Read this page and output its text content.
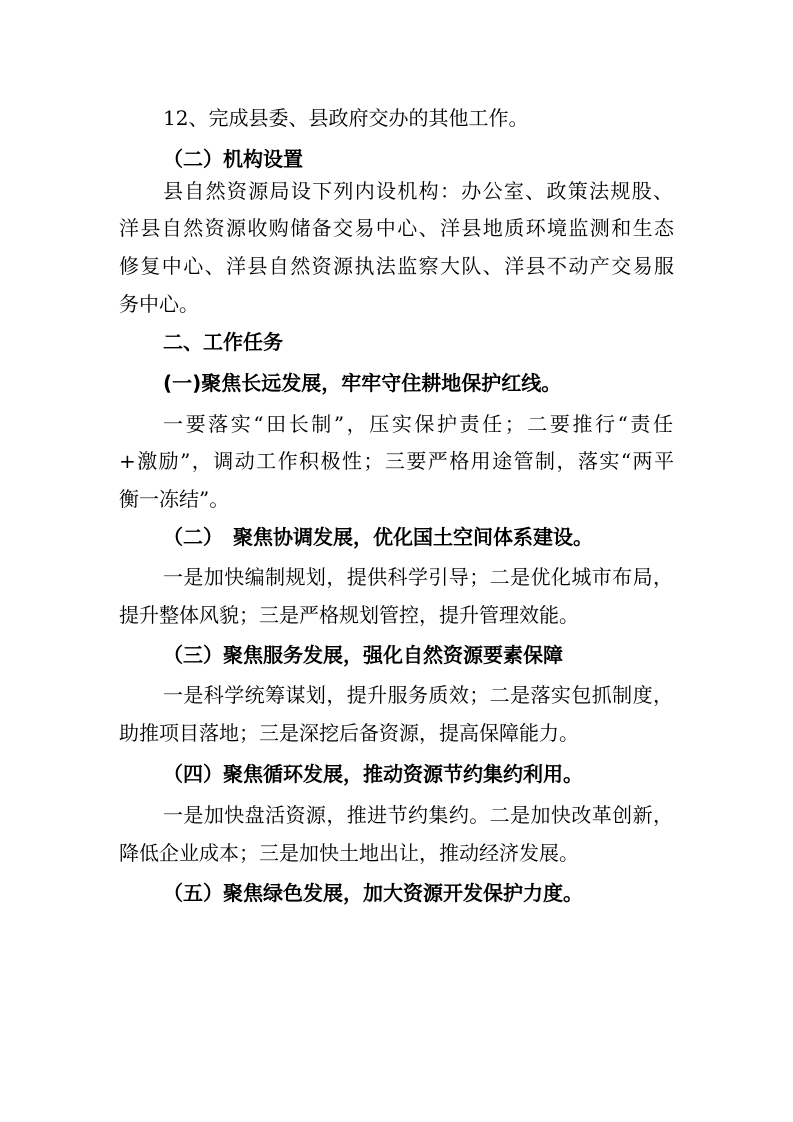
12、完成县委、县政府交办的其他工作。

（二）机构设置

县自然资源局设下列内设机构：办公室、政策法规股、

洋县自然资源收购储备交易中心、洋县地质环境监测和生态

修复中心、洋县自然资源执法监察大队、洋县不动产交易服

务中心。

二、工作任务

(一)聚焦长远发展，牢牢守住耕地保护红线。

一要落实“田长制”，压实保护责任；二要推行“责任

+激励”，调动工作积极性；三要严格用途管制，落实“两平

衡一冻结”。

（二）　聚焦协调发展，优化国土空间体系建设。

一是加快编制规划，提供科学引导；二是优化城市布局，

提升整体风貌；三是严格规划管控，提升管理效能。

（三）聚焦服务发展，强化自然资源要素保障

一是科学统筹谋划，提升服务质效；二是落实包抓制度，

助推项目落地；三是深挖后备资源，提高保障能力。

（四）聚焦循环发展，推动资源节约集约利用。

一是加快盘活资源，推进节约集约。二是加快改革创新，

降低企业成本；三是加快土地出让，推动经济发展。

（五）聚焦绿色发展，加大资源开发保护力度。
